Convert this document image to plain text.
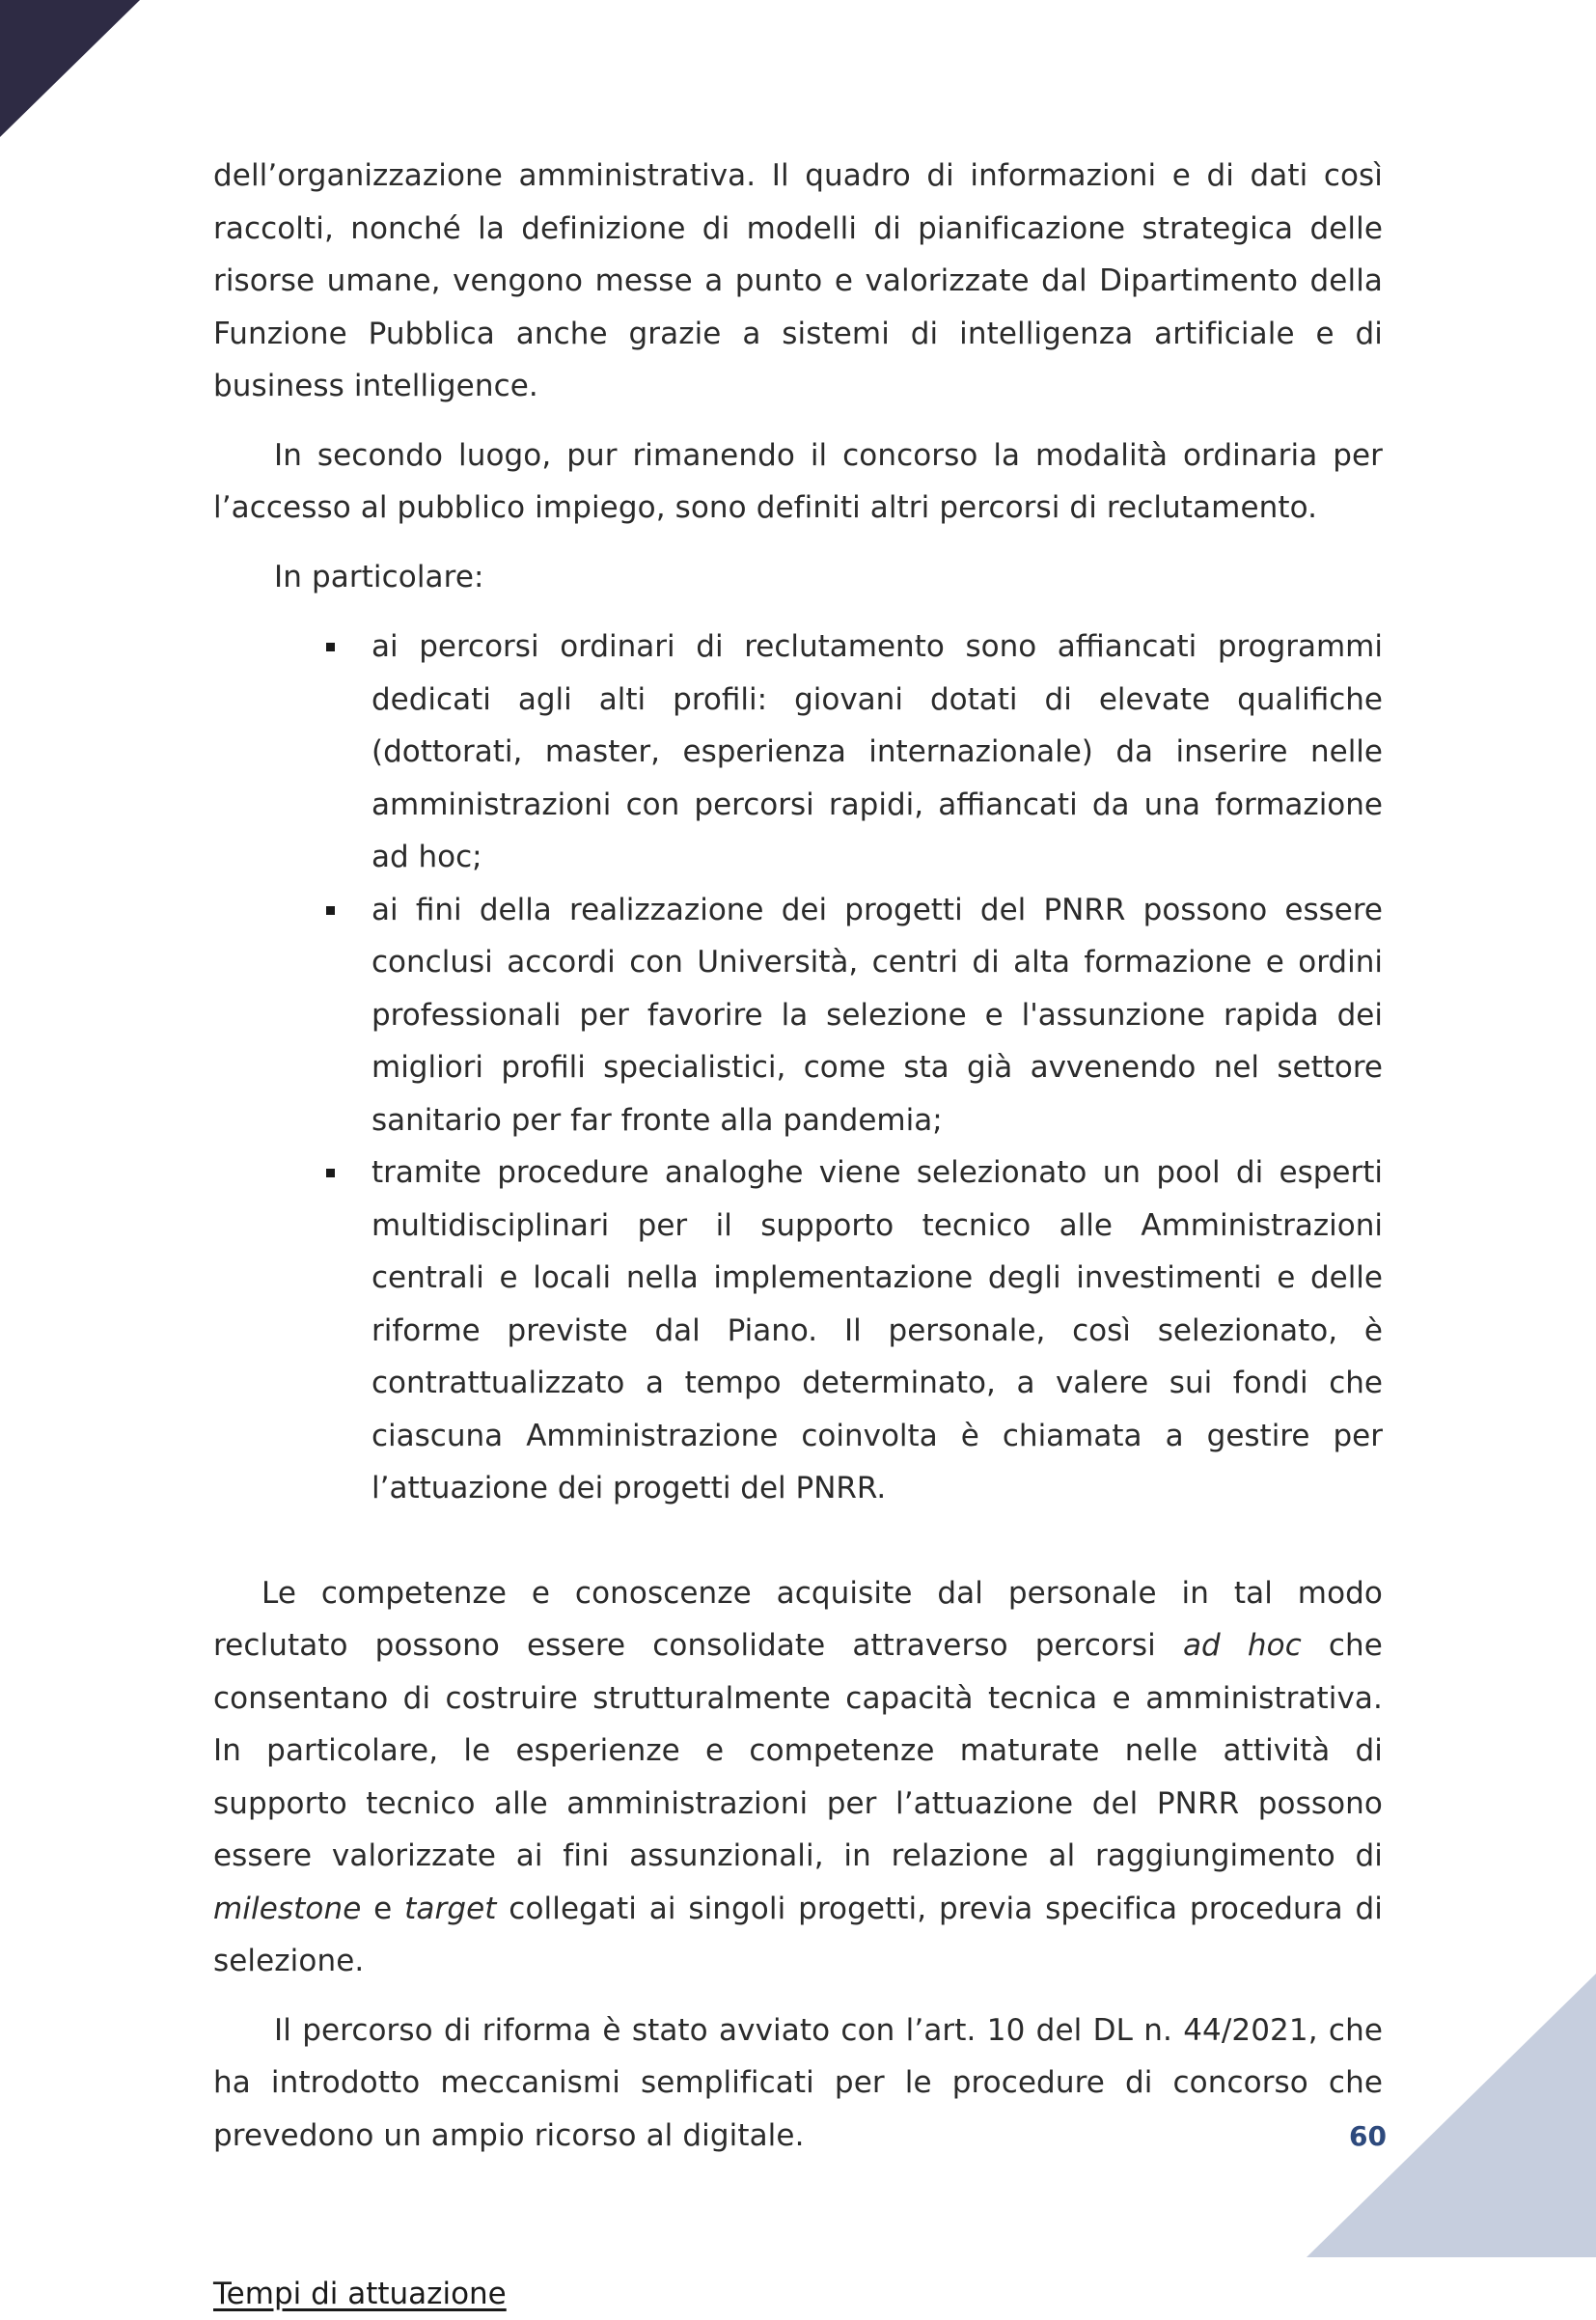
dell’organizzazione amministrativa. Il quadro di informazioni e di dati così raccolti, nonché la definizione di modelli di pianificazione strategica delle risorse umane, vengono messe a punto e valorizzate dal Dipartimento della Funzione Pubblica anche grazie a sistemi di intelligenza artificiale e di business intelligence.

In secondo luogo, pur rimanendo il concorso la modalità ordinaria per l’accesso al pubblico impiego, sono definiti altri percorsi di reclutamento.

In particolare:

ai percorsi ordinari di reclutamento sono affiancati programmi dedicati agli alti profili: giovani dotati di elevate qualifiche (dottorati, master, esperienza internazionale) da inserire nelle amministrazioni con percorsi rapidi, affiancati da una formazione ad hoc;
ai fini della realizzazione dei progetti del PNRR possono essere conclusi accordi con Università, centri di alta formazione e ordini professionali per favorire la selezione e l'assunzione rapida dei migliori profili specialistici, come sta già avvenendo nel settore sanitario per far fronte alla pandemia;
tramite procedure analoghe viene selezionato un pool di esperti multidisciplinari per il supporto tecnico alle Amministrazioni centrali e locali nella implementazione degli investimenti e delle riforme previste dal Piano. Il personale, così selezionato, è contrattualizzato a tempo determinato, a valere sui fondi che ciascuna Amministrazione coinvolta è chiamata a gestire per l’attuazione dei progetti del PNRR.

Le competenze e conoscenze acquisite dal personale in tal modo reclutato possono essere consolidate attraverso percorsi ad hoc che consentano di costruire strutturalmente capacità tecnica e amministrativa. In particolare, le esperienze e competenze maturate nelle attività di supporto tecnico alle amministrazioni per l’attuazione del PNRR possono essere valorizzate ai fini assunzionali, in relazione al raggiungimento di milestone e target collegati ai singoli progetti, previa specifica procedura di selezione.

Il percorso di riforma è stato avviato con l’art. 10 del DL n. 44/2021, che ha introdotto meccanismi semplificati per le procedure di concorso che prevedono un ampio ricorso al digitale.

Tempi di attuazione
60
